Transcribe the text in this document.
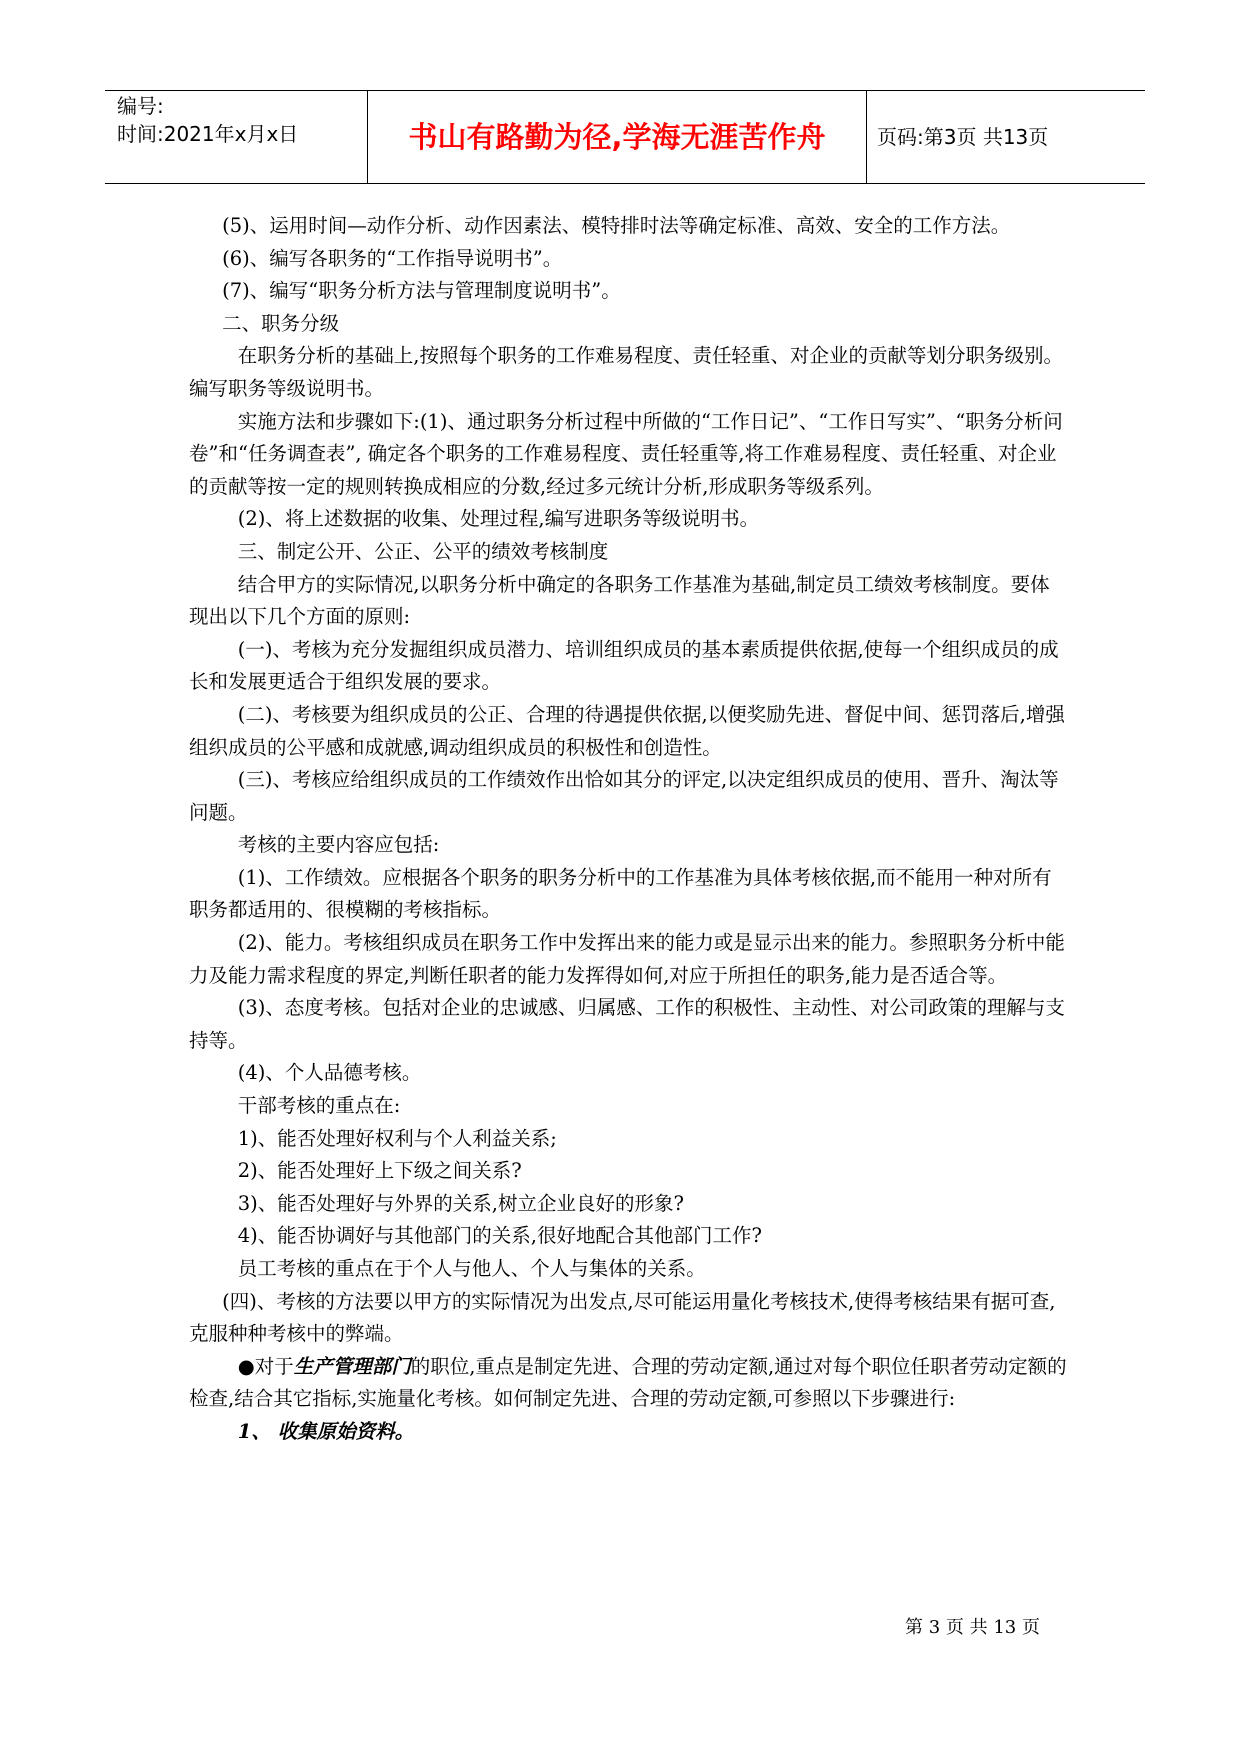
编号:
时间:2021年x月x日	书山有路勤为径,学海无涯苦作舟	页码:第3页 共13页

(5)、运用时间—动作分析、动作因素法、模特排时法等确定标准、高效、安全的工作方法。

(6)、编写各职务的“工作指导说明书”。

(7)、编写“职务分析方法与管理制度说明书”。

二、职务分级

在职务分析的基础上,按照每个职务的工作难易程度、责任轻重、对企业的贡献等划分职务级别。编写职务等级说明书。

实施方法和步骤如下:(1)、通过职务分析过程中所做的“工作日记”、“工作日写实”、“职务分析问卷”和“任务调查表”, 确定各个职务的工作难易程度、责任轻重等,将工作难易程度、责任轻重、对企业的贡献等按一定的规则转换成相应的分数,经过多元统计分析,形成职务等级系列。

(2)、将上述数据的收集、处理过程,编写进职务等级说明书。

三、制定公开、公正、公平的绩效考核制度

结合甲方的实际情况,以职务分析中确定的各职务工作基准为基础,制定员工绩效考核制度。要体现出以下几个方面的原则:

(一)、考核为充分发掘组织成员潜力、培训组织成员的基本素质提供依据,使每一个组织成员的成长和发展更适合于组织发展的要求。

(二)、考核要为组织成员的公正、合理的待遇提供依据,以便奖励先进、督促中间、惩罚落后,增强组织成员的公平感和成就感,调动组织成员的积极性和创造性。

(三)、考核应给组织成员的工作绩效作出恰如其分的评定,以决定组织成员的使用、晋升、淘汰等问题。

考核的主要内容应包括:

(1)、工作绩效。应根据各个职务的职务分析中的工作基准为具体考核依据,而不能用一种对所有职务都适用的、很模糊的考核指标。

(2)、能力。考核组织成员在职务工作中发挥出来的能力或是显示出来的能力。参照职务分析中能力及能力需求程度的界定,判断任职者的能力发挥得如何,对应于所担任的职务,能力是否适合等。

(3)、态度考核。包括对企业的忠诚感、归属感、工作的积极性、主动性、对公司政策的理解与支持等。

(4)、个人品德考核。

干部考核的重点在:

1)、能否处理好权利与个人利益关系;

2)、能否处理好上下级之间关系?

3)、能否处理好与外界的关系,树立企业良好的形象?

4)、能否协调好与其他部门的关系,很好地配合其他部门工作?

员工考核的重点在于个人与他人、个人与集体的关系。

(四)、考核的方法要以甲方的实际情况为出发点,尽可能运用量化考核技术,使得考核结果有据可查,克服种种考核中的弊端。

●对于生产管理部门的职位,重点是制定先进、合理的劳动定额,通过对每个职位任职者劳动定额的检查,结合其它指标,实施量化考核。如何制定先进、合理的劳动定额,可参照以下步骤进行:

1、 收集原始资料。

第 3 页 共 13 页
